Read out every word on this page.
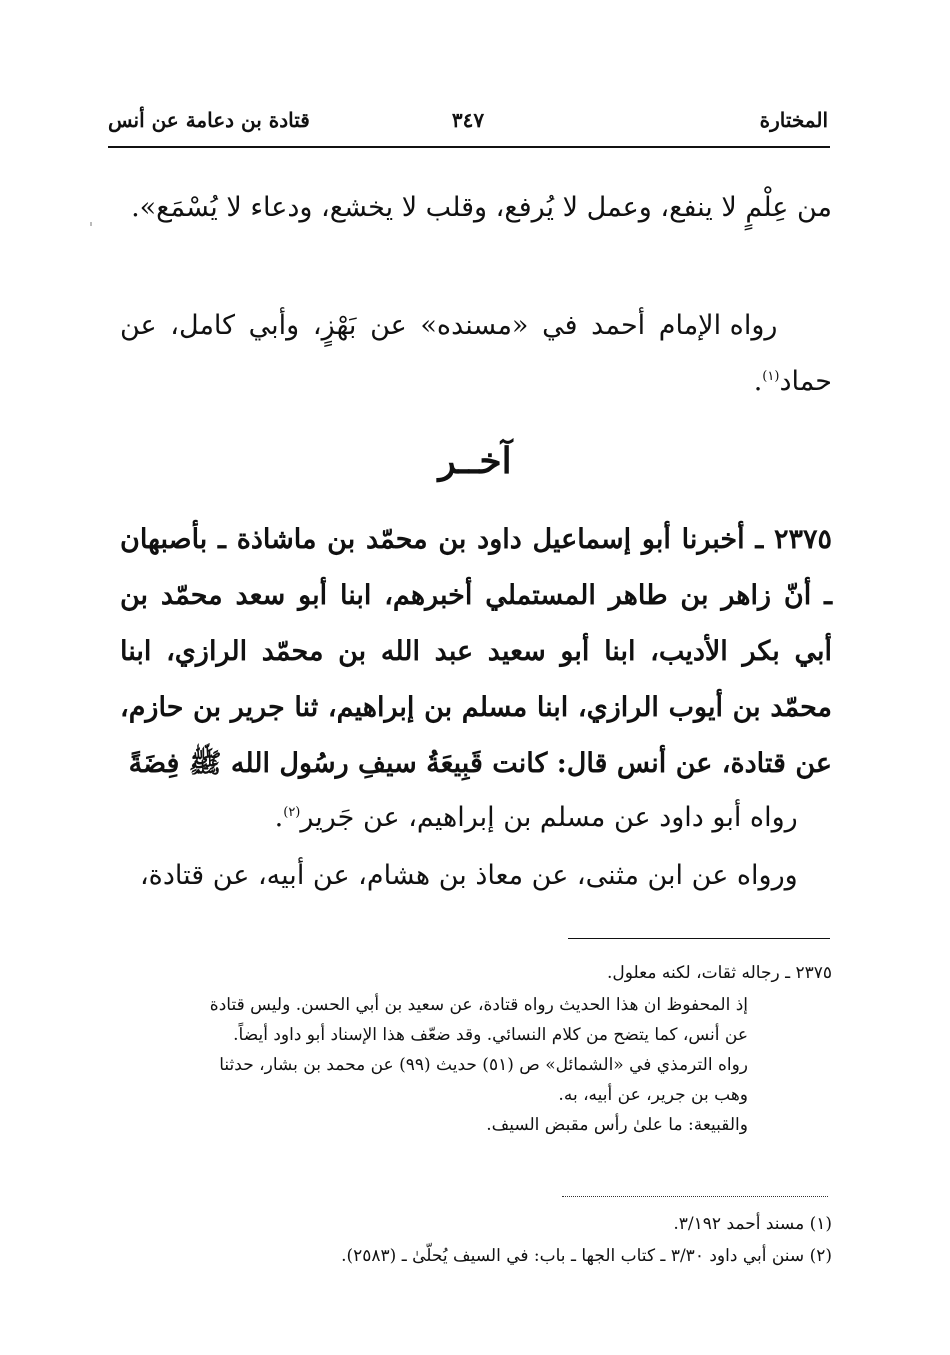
المختارة
٣٤٧
قتادة بن دعامة عن أنس
من عِلْمٍ لا ينفع، وعمل لا يُرفع، وقلب لا يخشع، ودعاء لا يُسْمَع».
رواه الإمام أحمد في «مسنده» عن بَهْزٍ، وأبي كامل، عن حماد$^{(١)}$.
آخــر
٢٣٧٥ ـ أخبرنا أبو إسماعيل داود بن محمّد بن ماشاذة ـ بأصبهان ـ أنّ زاهر بن طاهر المستملي أخبرهم، ابنا أبو سعد محمّد بن أبي بكر الأديب، ابنا أبو سعيد عبد الله بن محمّد الرازي، ابنا محمّد بن أيوب الرازي، ابنا مسلم بن إبراهيم، ثنا جرير بن حازم، عن قتادة، عن أنس قال: كانت قَبِيعَةُ سيفِ رسُول الله ﷺ فِضَةً
رواه أبو داود عن مسلم بن إبراهيم، عن جَرير$^{(٢)}$.
ورواه عن ابن مثنى، عن معاذ بن هشام، عن أبيه، عن قتادة،
٢٣٧٥ ـ رجاله ثقات، لكنه معلول.
إذ المحفوظ ان هذا الحديث رواه قتادة، عن سعيد بن أبي الحسن. وليس قتادة
عن أنس، كما يتضح من كلام النسائي. وقد ضعّف هذا الإسناد أبو داود أيضاً.
رواه الترمذي في «الشمائل» ص (٥١) حديث (٩٩) عن محمد بن بشار، حدثنا
وهب بن جرير، عن أبيه، به.
والقبيعة: ما علىٰ رأس مقبض السيف.
(١) مسند أحمد ٣/١٩٢.
(٢) سنن أبي داود ٣/٣٠ ـ كتاب الجها ـ باب: في السيف يُحلّىٰ ـ (٢٥٨٣).
